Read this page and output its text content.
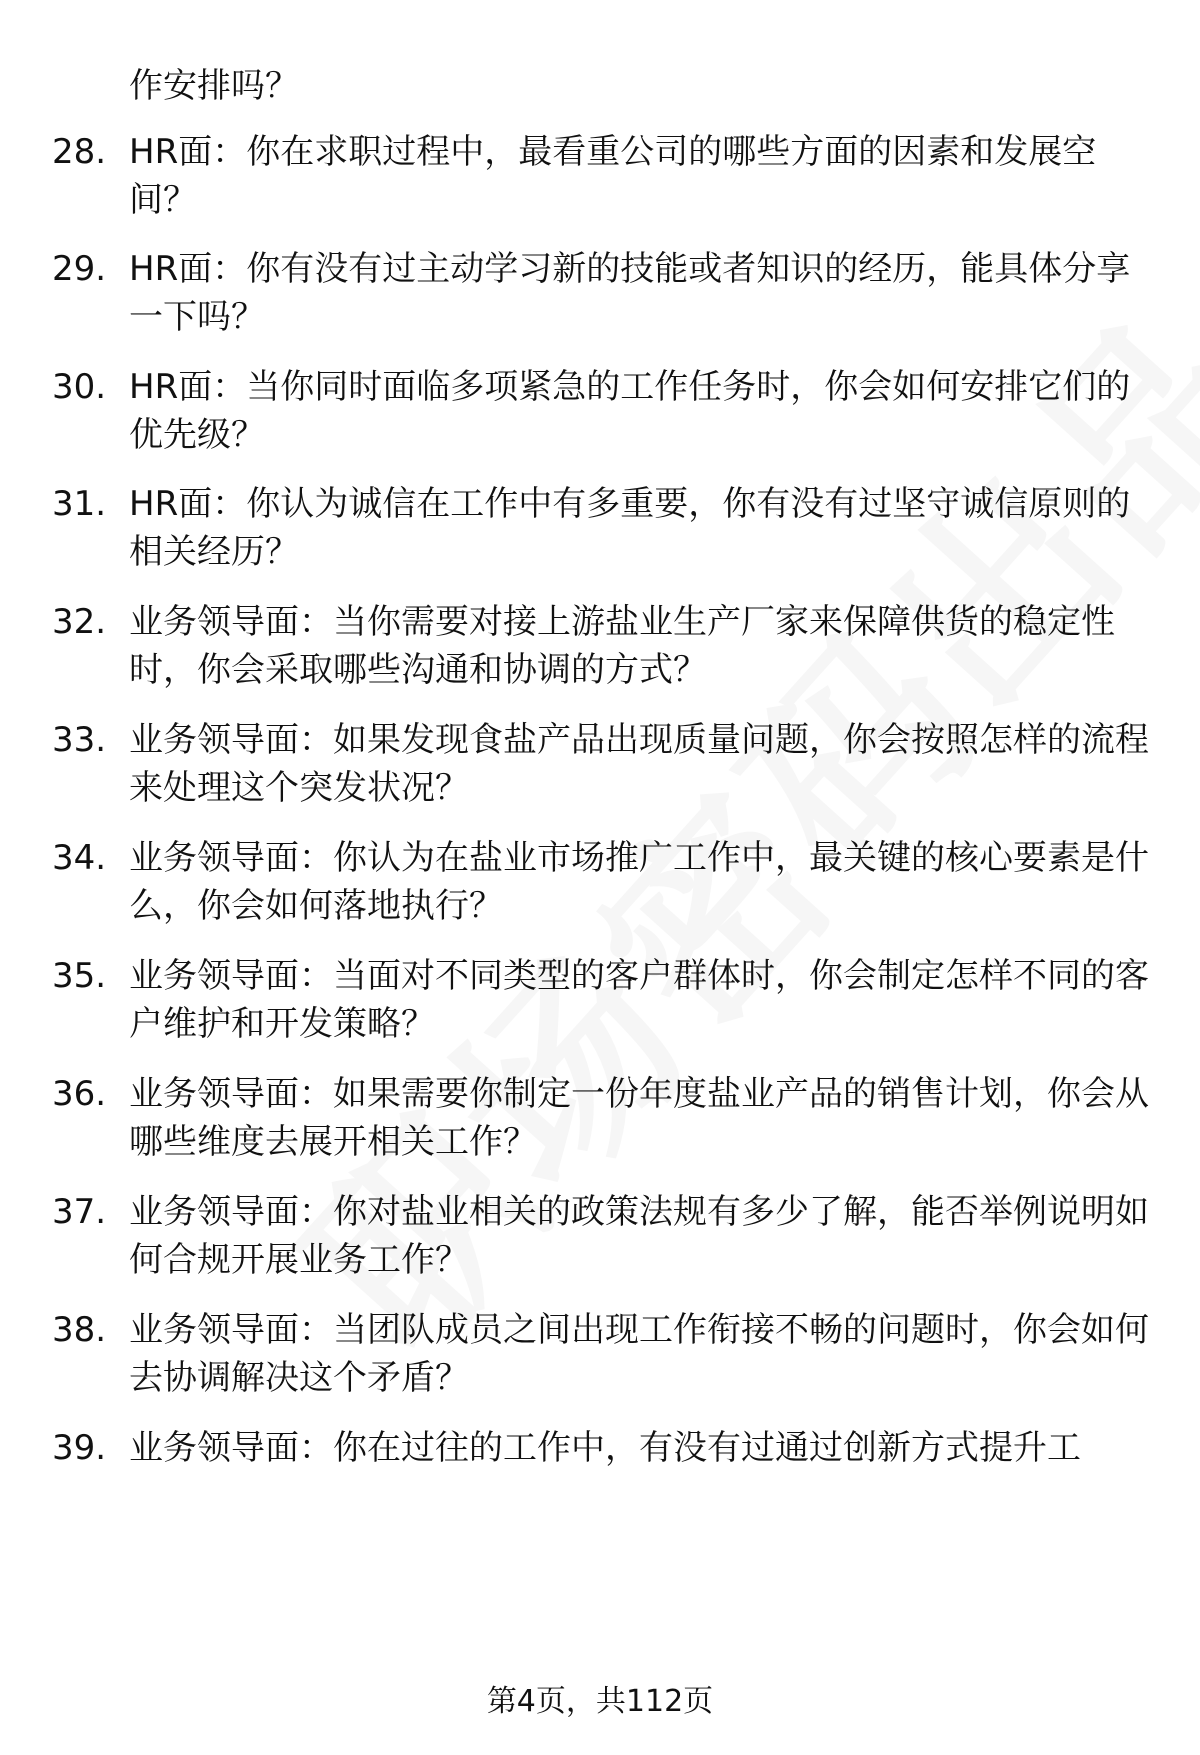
作安排吗？
28. HR面：你在求职过程中，最看重公司的哪些方面的因素和发展空间？
29. HR面：你有没有过主动学习新的技能或者知识的经历，能具体分享一下吗？
30. HR面：当你同时面临多项紧急的工作任务时，你会如何安排它们的优先级？
31. HR面：你认为诚信在工作中有多重要，你有没有过坚守诚信原则的相关经历？
32. 业务领导面：当你需要对接上游盐业生产厂家来保障供货的稳定性时，你会采取哪些沟通和协调的方式？
33. 业务领导面：如果发现食盐产品出现质量问题，你会按照怎样的流程来处理这个突发状况？
34. 业务领导面：你认为在盐业市场推广工作中，最关键的核心要素是什么，你会如何落地执行？
35. 业务领导面：当面对不同类型的客户群体时，你会制定怎样不同的客户维护和开发策略？
36. 业务领导面：如果需要你制定一份年度盐业产品的销售计划，你会从哪些维度去展开相关工作？
37. 业务领导面：你对盐业相关的政策法规有多少了解，能否举例说明如何合规开展业务工作？
38. 业务领导面：当团队成员之间出现工作衔接不畅的问题时，你会如何去协调解决这个矛盾？
39. 业务领导面：你在过往的工作中，有没有过通过创新方式提升工
第4页，共112页
